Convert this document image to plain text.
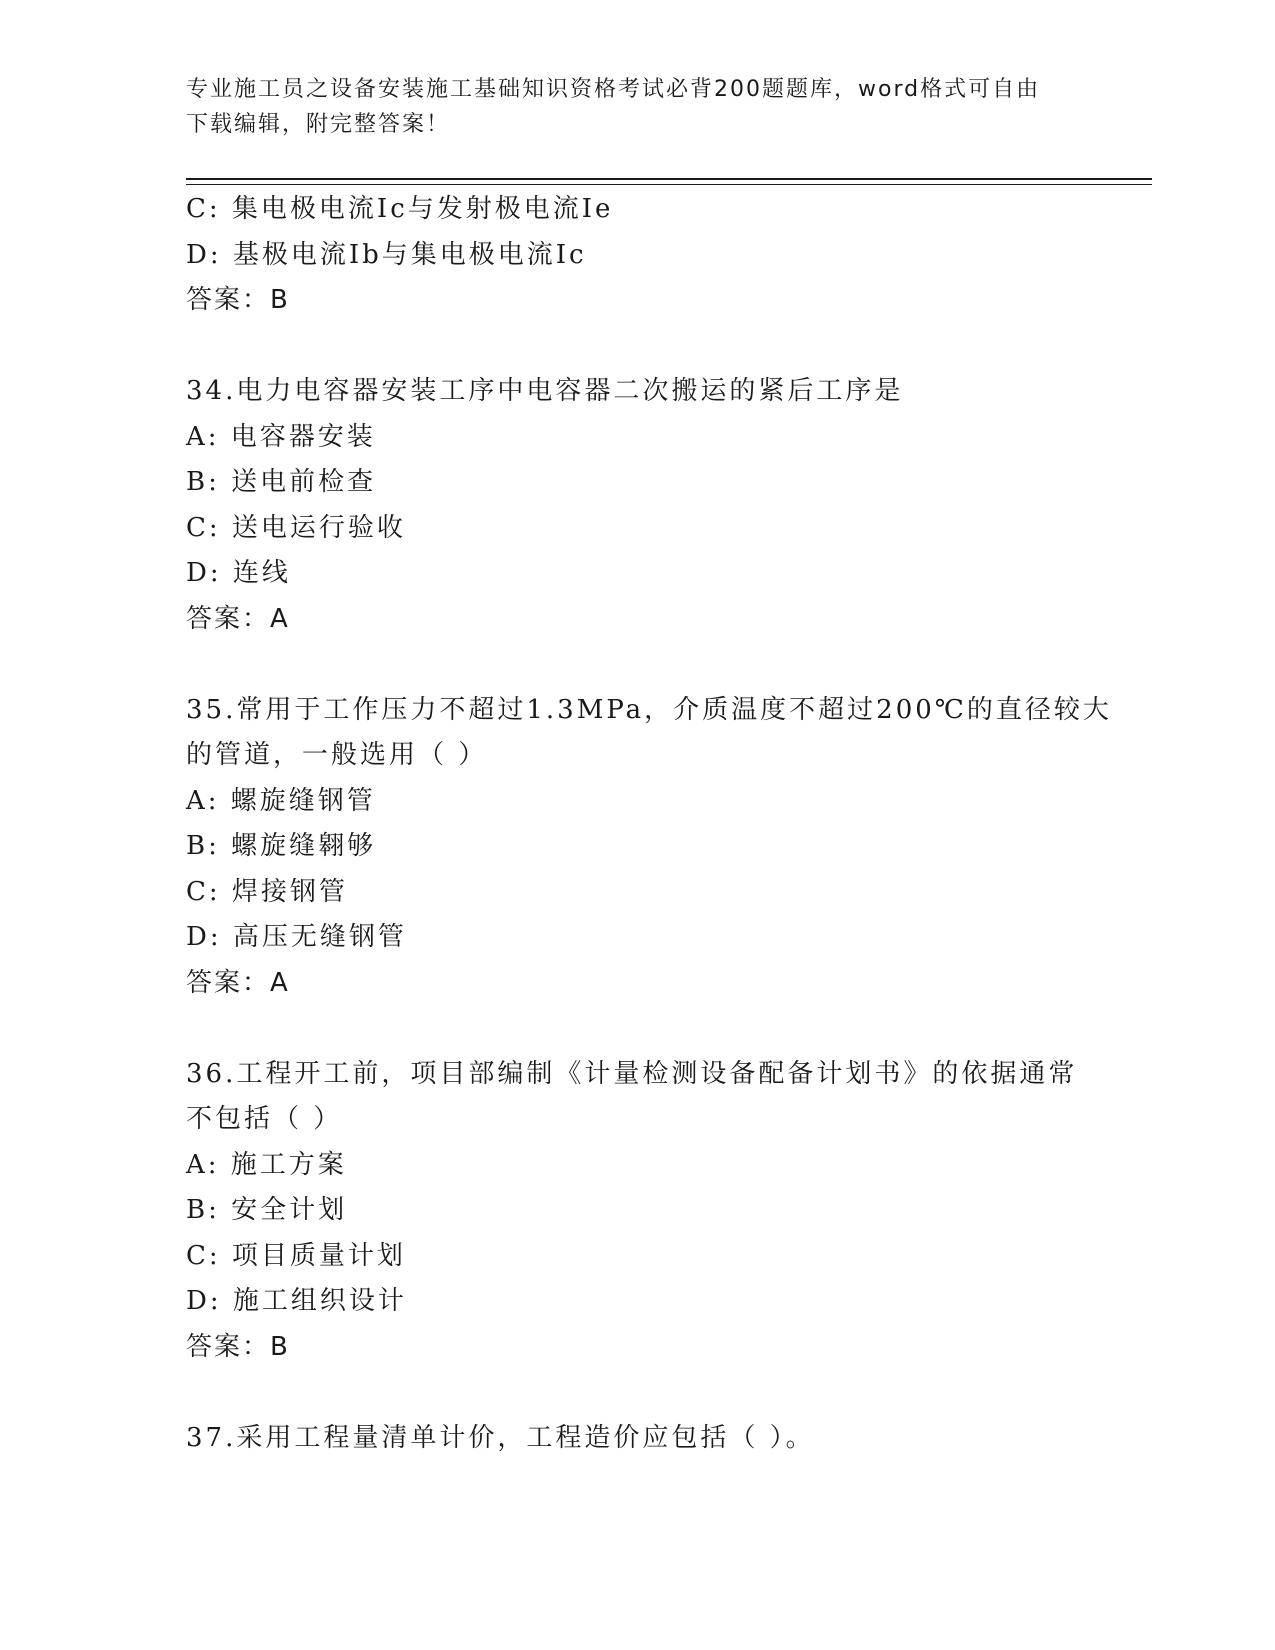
专业施工员之设备安装施工基础知识资格考试必背200题题库，word格式可自由
下载编辑，附完整答案！
C: 集电极电流Ic与发射极电流Ie
D: 基极电流Ib与集电极电流Ic
答案：B
34.电力电容器安装工序中电容器二次搬运的紧后工序是
A: 电容器安装
B: 送电前检查
C: 送电运行验收
D: 连线
答案：A
35.常用于工作压力不超过1.3MPa，介质温度不超过200℃的直径较大
的管道，一般选用（ ）
A: 螺旋缝钢管
B: 螺旋缝翱够
C: 焊接钢管
D: 高压无缝钢管
答案：A
36.工程开工前，项目部编制《计量检测设备配备计划书》的依据通常
不包括（ ）
A: 施工方案
B: 安全计划
C: 项目质量计划
D: 施工组织设计
答案：B
37.采用工程量清单计价，工程造价应包括（ ）。
